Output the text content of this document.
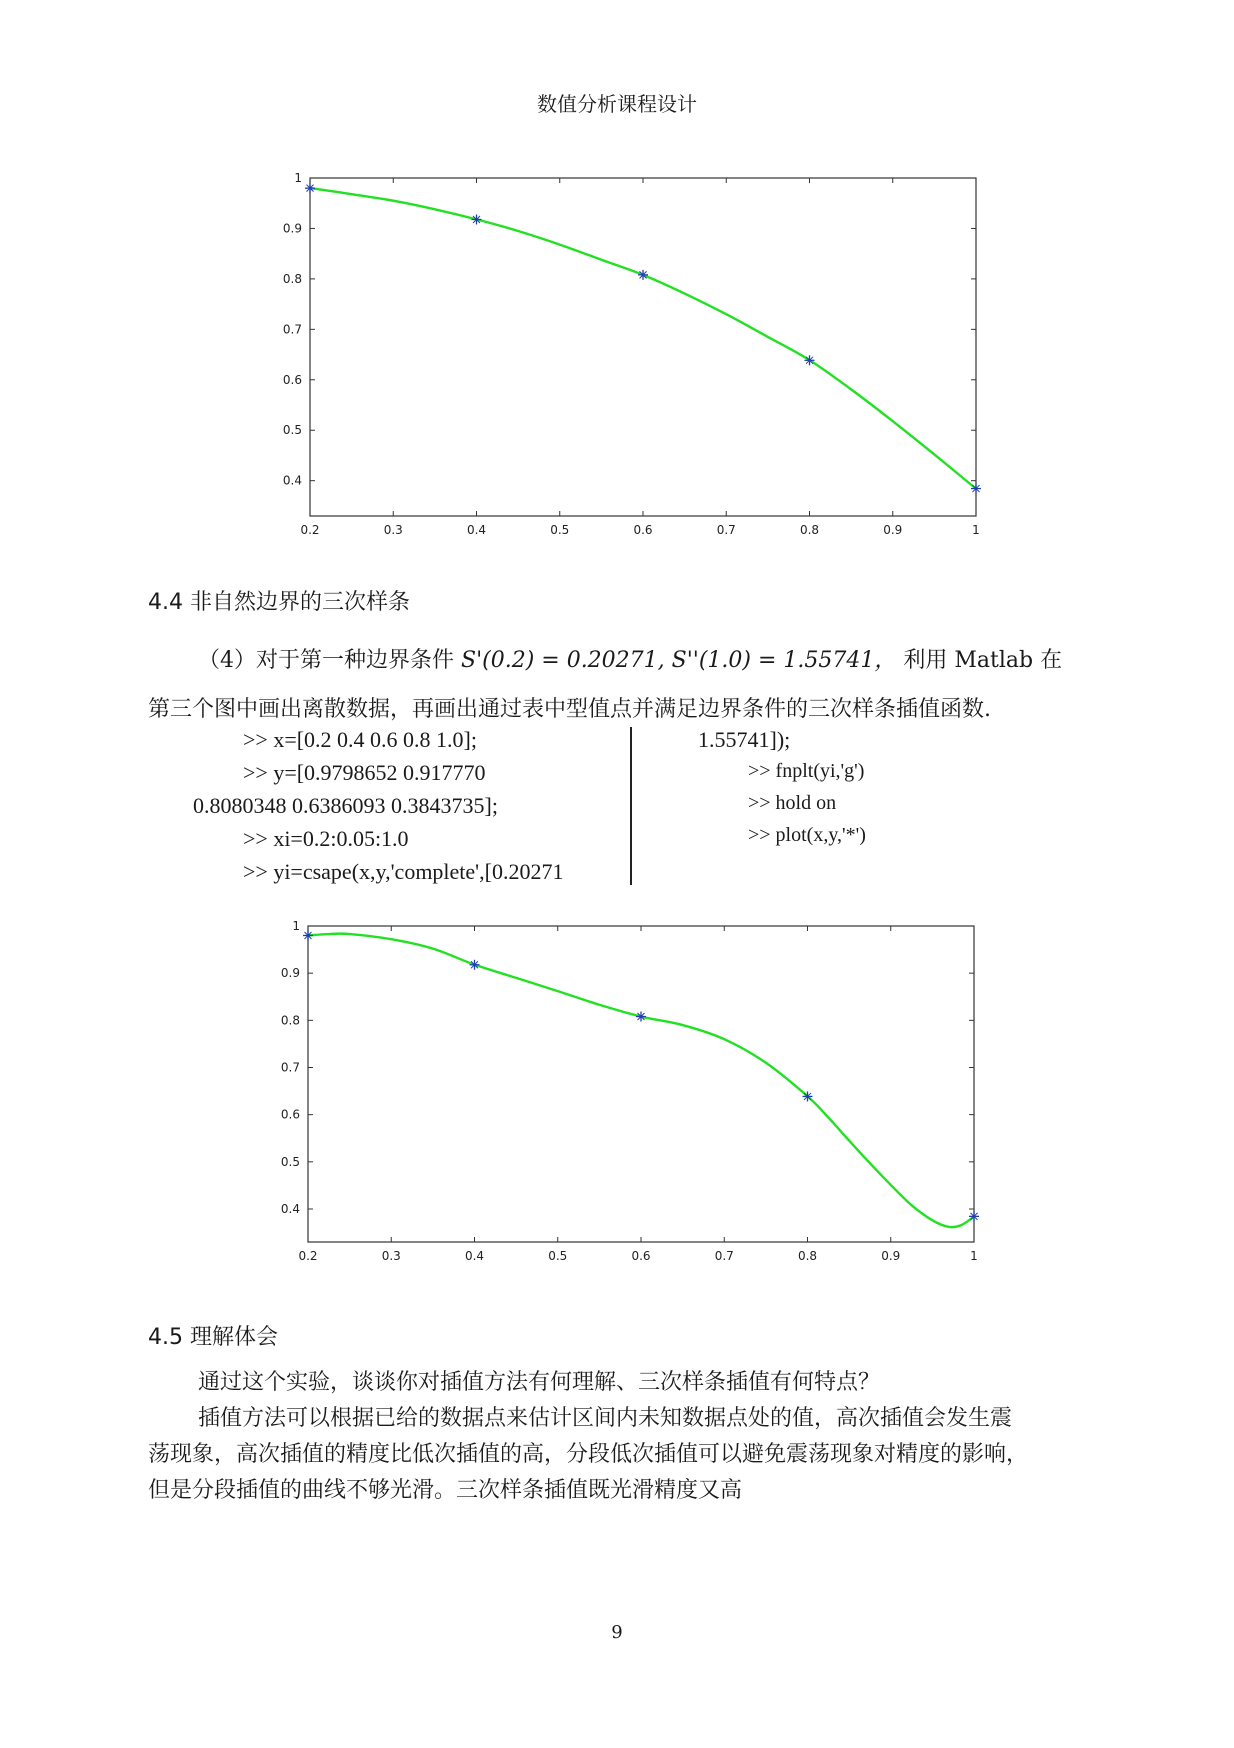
数值分析课程设计
0.2	0.3	0.4	0.5	0.6	0.7	0.8	0.9	1
0.4
0.5
0.6
0.7
0.8
0.9
1
4.4 非自然边界的三次样条
（4）对于第一种边界条件 S'(0.2) = 0.20271, S''(1.0) = 1.55741， 利用 Matlab 在
第三个图中画出离散数据，再画出通过表中型值点并满足边界条件的三次样条插值函数.
>> x=[0.2 0.4 0.6 0.8 1.0];
>> y=[0.9798652 0.917770
0.8080348 0.6386093 0.3843735];
>> xi=0.2:0.05:1.0
>> yi=csape(x,y,'complete',[0.20271
1.55741]);
>> fnplt(yi,'g')
>> hold on
>> plot(x,y,'*')
0.2	0.3	0.4	0.5	0.6	0.7	0.8	0.9	1
0.4
0.5
0.6
0.7
0.8
0.9
1
4.5 理解体会
通过这个实验，谈谈你对插值方法有何理解、三次样条插值有何特点？
插值方法可以根据已给的数据点来估计区间内未知数据点处的值，高次插值会发生震
荡现象，高次插值的精度比低次插值的高，分段低次插值可以避免震荡现象对精度的影响，
但是分段插值的曲线不够光滑。三次样条插值既光滑精度又高
9
